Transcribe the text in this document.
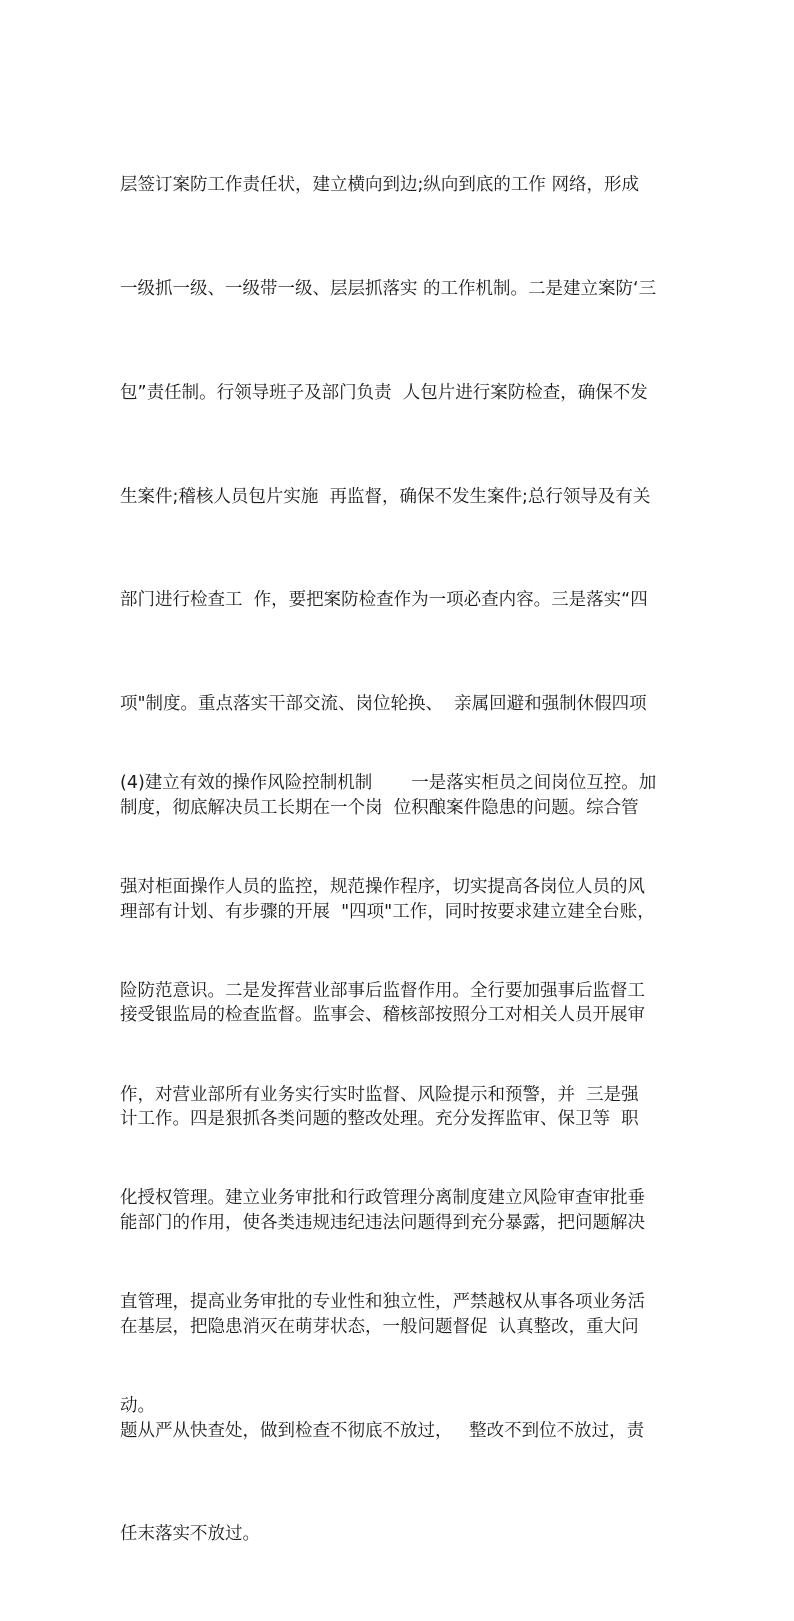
层签订案防工作责任状，建立横向到边;纵向到底的工作 网络，形成

一级抓一级、一级带一级、层层抓落实 的工作机制。二是建立案防‘三

包”责任制。行领导班子及部门负责  人包片进行案防检查，确保不发

生案件;稽核人员包片实施  再监督，确保不发生案件;总行领导及有关

部门进行检查工  作，要把案防检查作为一项必查内容。三是落实“四

项"制度。重点落实干部交流、岗位轮换、  亲属回避和强制休假四项

制度，彻底解决员工长期在一个岗  位积酿案件隐患的问题。综合管

理部有计划、有步骤的开展  "四项"工作，同时按要求建立建全台账，

接受银监局的检查监督。监事会、稽核部按照分工对相关人员开展审

计工作。四是狠抓各类问题的整改处理。充分发挥监审、保卫等  职

能部门的作用，使各类违规违纪违法问题得到充分暴露，把问题解决

在基层，把隐患消灭在萌芽状态，一般问题督促  认真整改，重大问

题从严从快查处，做到检查不彻底不放过，   整改不到位不放过，责

任末落实不放过。

(4)建立有效的操作风险控制机制       一是落实柜员之间岗位互控。加

强对柜面操作人员的监控，规范操作程序，切实提高各岗位人员的风

险防范意识。二是发挥营业部事后监督作用。全行要加强事后监督工

作，对营业部所有业务实行实时监督、风险提示和预警，并  三是强

化授权管理。建立业务审批和行政管理分离制度建立风险审查审批垂

直管理，提高业务审批的专业性和独立性，严禁越权从事各项业务活

动。
